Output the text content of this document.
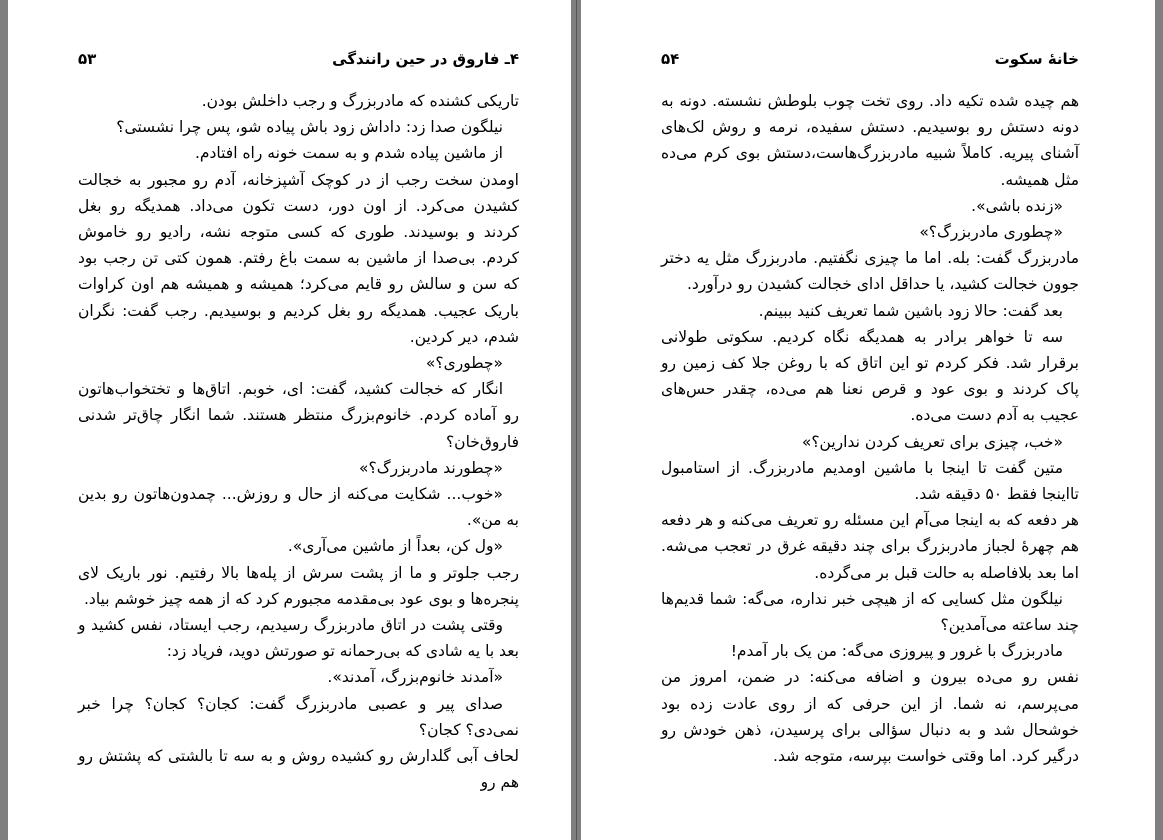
۴ـ فاروق در حین رانندگی
۵۳

تاریکی کشنده که مادربزرگ و رجب داخلش بودن.

نیلگون صدا زد: داداش زود باش پیاده شو، پس چرا نشستی؟

از ماشین پیاده شدم و به سمت خونه راه افتادم.

اومدن سخت رجب از در کوچک آشپزخانه، آدم رو مجبور به خجالت کشیدن می‌کرد. از اون دور، دست تکون می‌داد. همدیگه رو بغل کردند و بوسیدند. طوری که کسی متوجه نشه، رادیو رو خاموش کردم. بی‌صدا از ماشین به سمت باغ رفتم. همون کتی تن رجب بود که سن و سالش رو قایم می‌کرد؛ همیشه و همیشه هم اون کراوات باریک عجیب. همدیگه رو بغل کردیم و بوسیدیم. رجب گفت: نگران شدم، دیر کردین.

«چطوری؟»

انگار که خجالت کشید، گفت: ای، خوبم. اتاق‌ها و تختخواب‌هاتون رو آماده کردم. خانوم‌بزرگ منتظر هستند. شما انگار چاق‌تر شدنی فاروق‌خان؟

«چطورند مادربزرگ؟»

«خوب... شکایت می‌کنه از حال و روزش... چمدون‌هاتون رو بدین به من».

«ول کن، بعداً از ماشین می‌آری».

رجب جلوتر و ما از پشت سرش از پله‌ها بالا رفتیم. نور باریک لای پنجره‌ها و بوی عود بی‌مقدمه مجبورم کرد که از همه چیز خوشم بیاد.

وقتی پشت در اتاق مادربزرگ رسیدیم، رجب ایستاد، نفس کشید و بعد با یه شادی که بی‌رحمانه تو صورتش دوید، فریاد زد:

«آمدند خانوم‌بزرگ، آمدند».

صدای پیر و عصبی مادربزرگ گفت: کجان؟ کجان؟ چرا خبر نمی‌دی؟ کجان؟

لحاف آبی گلدارش رو کشیده روش و به سه تا بالشتی که پشتش رو هم رو

خانهٔ سکوت
۵۴

هم چیده شده تکیه داد. روی تخت چوب بلوطش نشسته. دونه به دونه دستش رو بوسیدیم. دستش سفیده، نرمه و روش لک‌های آشنای پیریه. کاملاً شبیه مادربزرگ‌هاست،دستش بوی کرم می‌ده مثل همیشه.

«زنده باشی».

«چطوری مادربزرگ؟»

مادربزرگ گفت: بله. اما ما چیزی نگفتیم. مادربزرگ مثل یه دختر جوون خجالت کشید، یا حداقل ادای خجالت کشیدن رو درآورد.

بعد گفت: حالا زود باشین شما تعریف کنید ببینم.

سه تا خواهر برادر به همدیگه نگاه کردیم. سکوتی طولانی برقرار شد. فکر کردم تو این اتاق که با روغن جلا کف زمین رو پاک کردند و بوی عود و قرص نعنا هم می‌ده، چقدر حس‌های عجیب به آدم دست می‌ده.

«خب، چیزی برای تعریف کردن ندارین؟»

متین گفت تا اینجا با ماشین اومدیم مادربزرگ. از استامبول تااینجا فقط ۵۰ دقیقه شد.

هر دفعه که به اینجا می‌آم این مسئله رو تعریف می‌کنه و هر دفعه هم چهرهٔ لجباز مادربزرگ برای چند دقیقه غرق در تعجب می‌شه. اما بعد بلافاصله به حالت قبل بر می‌گرده.

نیلگون مثل کسایی که از هیچی خبر نداره، می‌گه: شما قدیم‌ها چند ساعته می‌آمدین؟

مادربزرگ با غرور و پیروزی می‌گه: من یک بار آمدم!

نفس رو می‌ده بیرون و اضافه می‌کنه: در ضمن، امروز من می‌پرسم، نه شما. از این حرفی که از روی عادت زده بود خوشحال شد و به دنبال سؤالی برای پرسیدن، ذهن خودش رو درگیر کرد. اما وقتی خواست بپرسه، متوجه شد.
